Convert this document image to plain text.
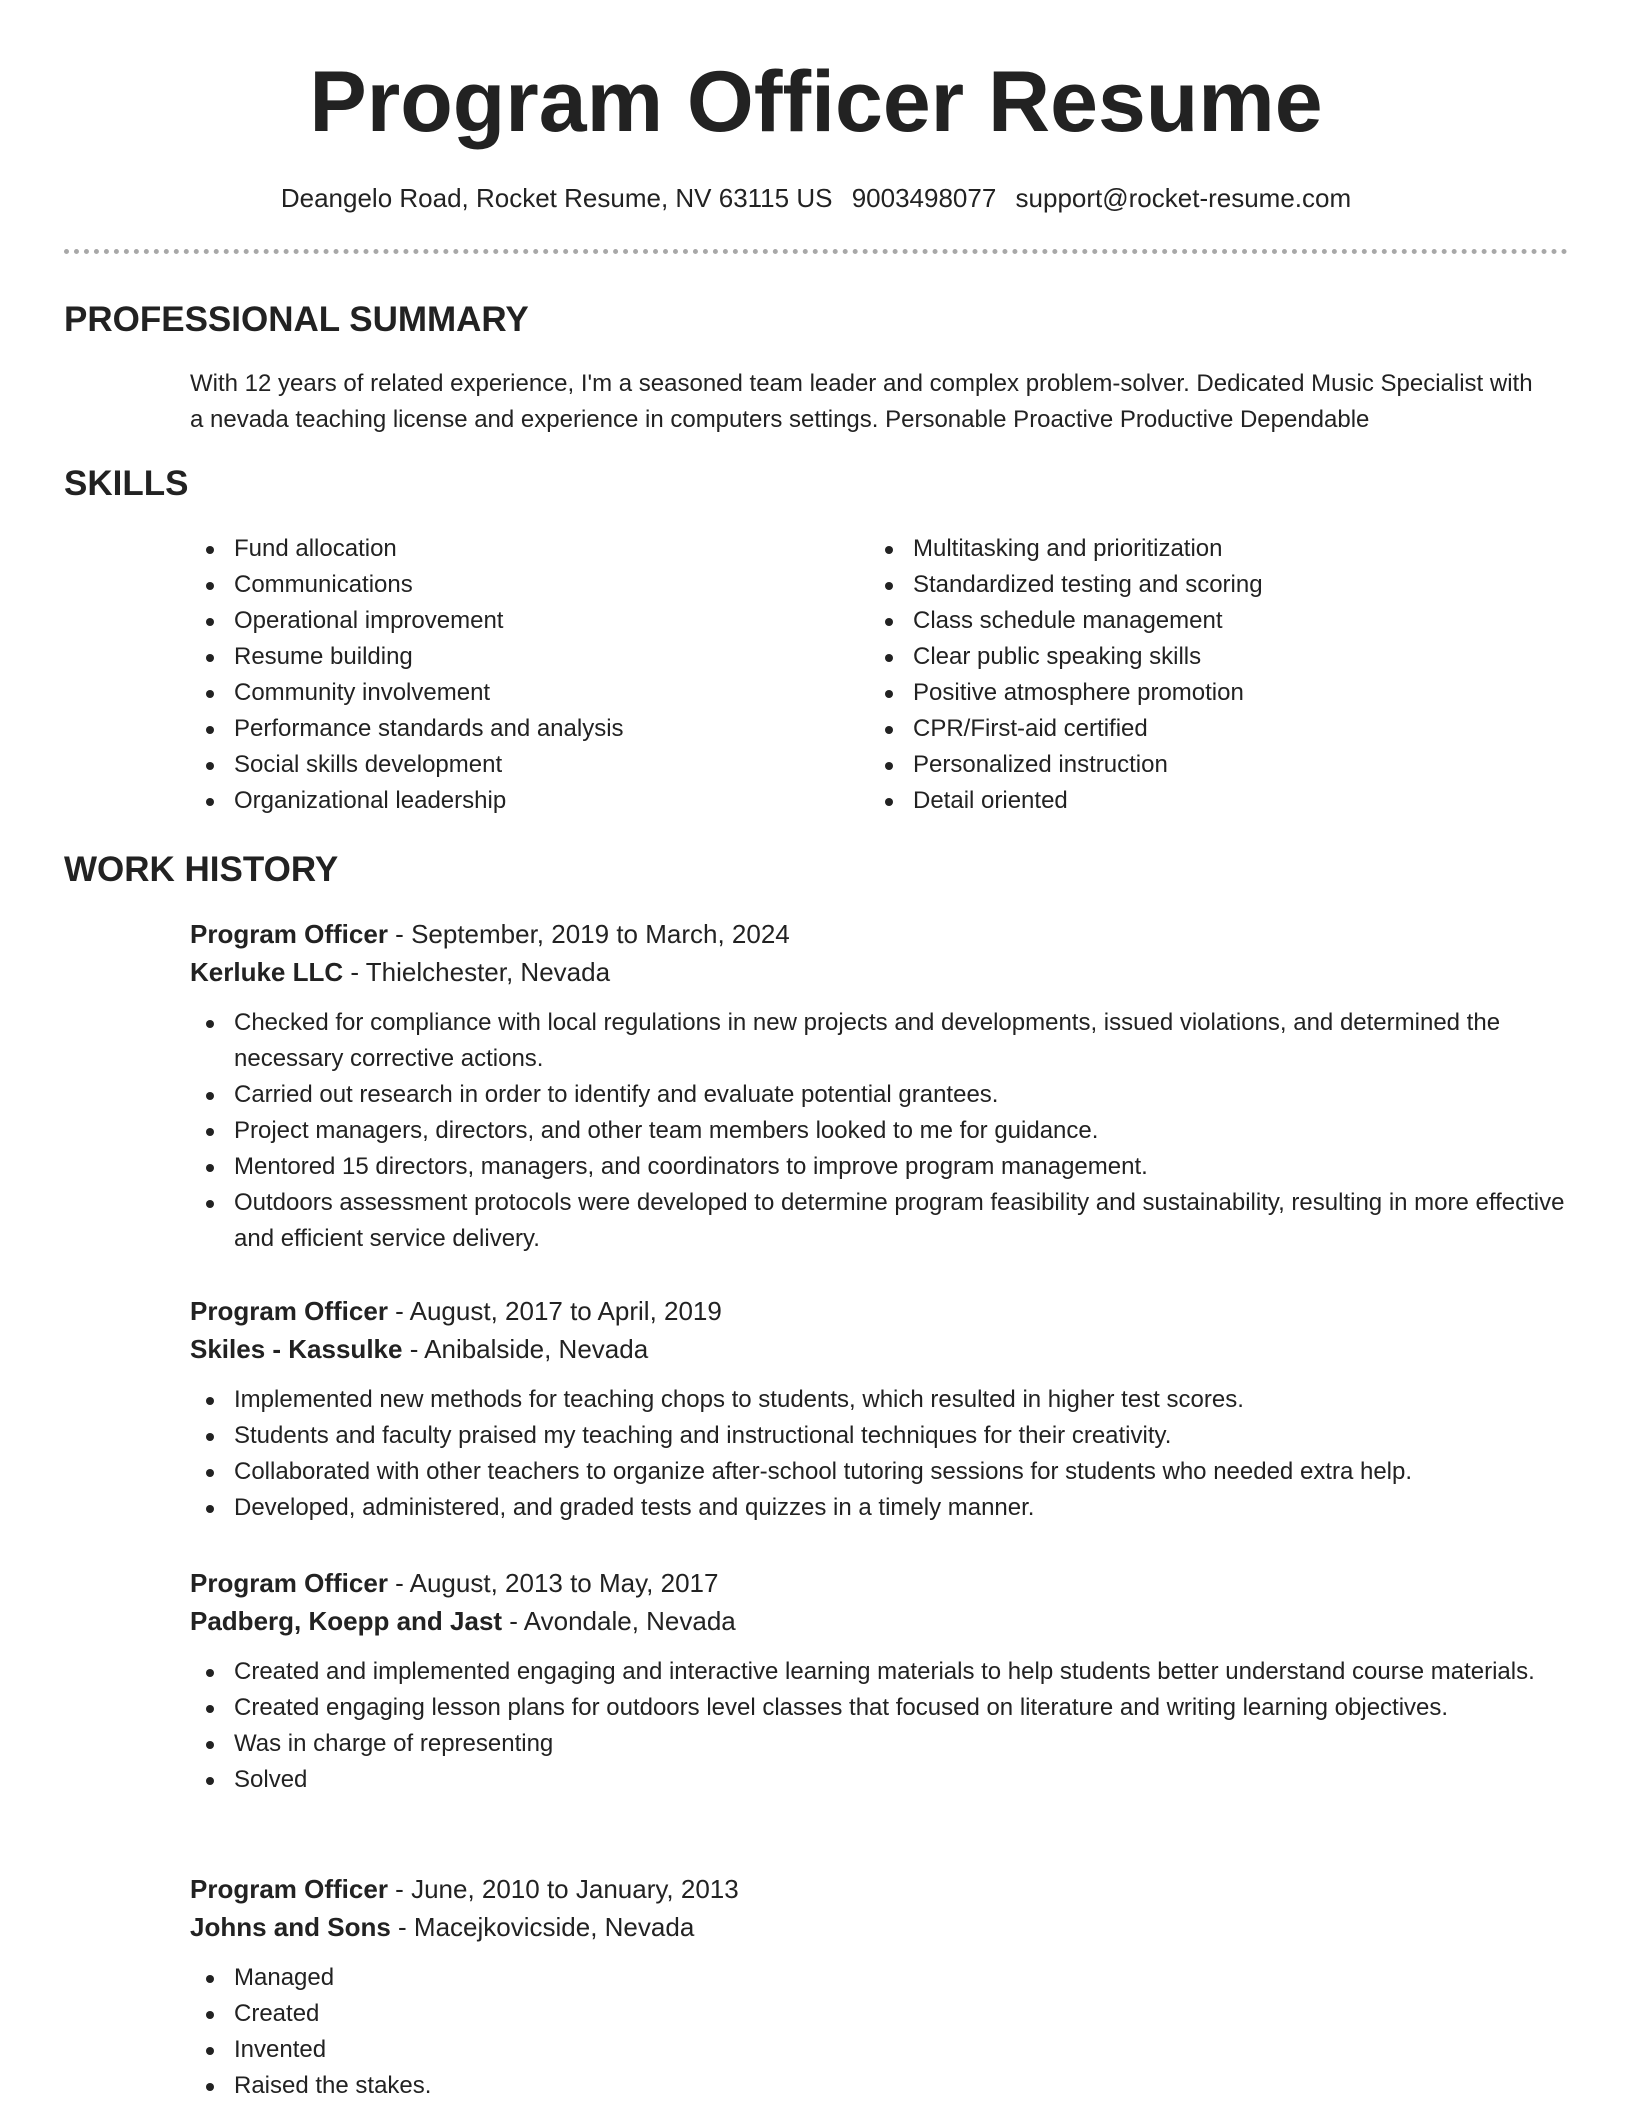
Program Officer Resume
Deangelo Road, Rocket Resume, NV 63115 US 9003498077 support@rocket-resume.com
PROFESSIONAL SUMMARY
With 12 years of related experience, I'm a seasoned team leader and complex problem-solver. Dedicated Music Specialist with a nevada teaching license and experience in computers settings. Personable Proactive Productive Dependable
SKILLS
Fund allocation
Communications
Operational improvement
Resume building
Community involvement
Performance standards and analysis
Social skills development
Organizational leadership
Multitasking and prioritization
Standardized testing and scoring
Class schedule management
Clear public speaking skills
Positive atmosphere promotion
CPR/First-aid certified
Personalized instruction
Detail oriented
WORK HISTORY
Program Officer - September, 2019 to March, 2024
Kerluke LLC - Thielchester, Nevada
Checked for compliance with local regulations in new projects and developments, issued violations, and determined the necessary corrective actions.
Carried out research in order to identify and evaluate potential grantees.
Project managers, directors, and other team members looked to me for guidance.
Mentored 15 directors, managers, and coordinators to improve program management.
Outdoors assessment protocols were developed to determine program feasibility and sustainability, resulting in more effective and efficient service delivery.
Program Officer - August, 2017 to April, 2019
Skiles - Kassulke - Anibalside, Nevada
Implemented new methods for teaching chops to students, which resulted in higher test scores.
Students and faculty praised my teaching and instructional techniques for their creativity.
Collaborated with other teachers to organize after-school tutoring sessions for students who needed extra help.
Developed, administered, and graded tests and quizzes in a timely manner.
Program Officer - August, 2013 to May, 2017
Padberg, Koepp and Jast - Avondale, Nevada
Created and implemented engaging and interactive learning materials to help students better understand course materials.
Created engaging lesson plans for outdoors level classes that focused on literature and writing learning objectives.
Was in charge of representing
Solved
Program Officer - June, 2010 to January, 2013
Johns and Sons - Macejkovicside, Nevada
Managed
Created
Invented
Raised the stakes.
